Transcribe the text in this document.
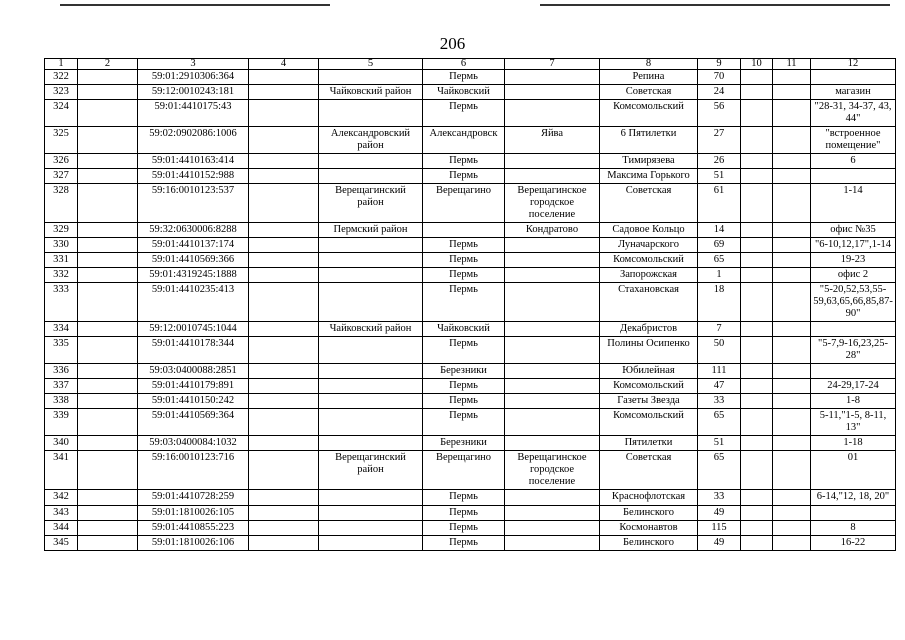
206
1	2	3	4	5	6	7	8	9	10	11	12
322		59:01:2910306:364			Пермь		Репина	70			
323		59:12:0010243:181		Чайковский район	Чайковский		Советская	24			магазин
324		59:01:4410175:43			Пермь		Комсомольский	56			"28-31, 34-37, 43, 44"
325		59:02:0902086:1006		Александровский район	Александровск	Яйва	6 Пятилетки	27			"встроенное помещение"
326		59:01:4410163:414			Пермь		Тимирязева	26			6
327		59:01:4410152:988			Пермь		Максима Горького	51			
328		59:16:0010123:537		Верещагинский район	Верещагино	Верещагинское городское поселение	Советская	61			1-14
329		59:32:0630006:8288		Пермский район		Кондратово	Садовое Кольцо	14			офис №35
330		59:01:4410137:174			Пермь		Луначарского	69			"6-10,12,17",1-14
331		59:01:4410569:366			Пермь		Комсомольский	65			19-23
332		59:01:4319245:1888			Пермь		Запорожская	1			офис 2
333		59:01:4410235:413			Пермь		Стахановская	18			"5-20,52,53,55-59,63,65,66,85,87-90"
334		59:12:0010745:1044		Чайковский район	Чайковский		Декабристов	7			
335		59:01:4410178:344			Пермь		Полины Осипенко	50			"5-7,9-16,23,25-28"
336		59:03:0400088:2851			Березники		Юбилейная	111			
337		59:01:4410179:891			Пермь		Комсомольский	47			24-29,17-24
338		59:01:4410150:242			Пермь		Газеты Звезда	33			1-8
339		59:01:4410569:364			Пермь		Комсомольский	65			5-11,"1-5, 8-11, 13"
340		59:03:0400084:1032			Березники		Пятилетки	51			1-18
341		59:16:0010123:716		Верещагинский район	Верещагино	Верещагинское городское поселение	Советская	65			01
342		59:01:4410728:259			Пермь		Краснофлотская	33			6-14,"12, 18, 20"
343		59:01:1810026:105			Пермь		Белинского	49			
344		59:01:4410855:223			Пермь		Космонавтов	115			8
345		59:01:1810026:106			Пермь		Белинского	49			16-22
